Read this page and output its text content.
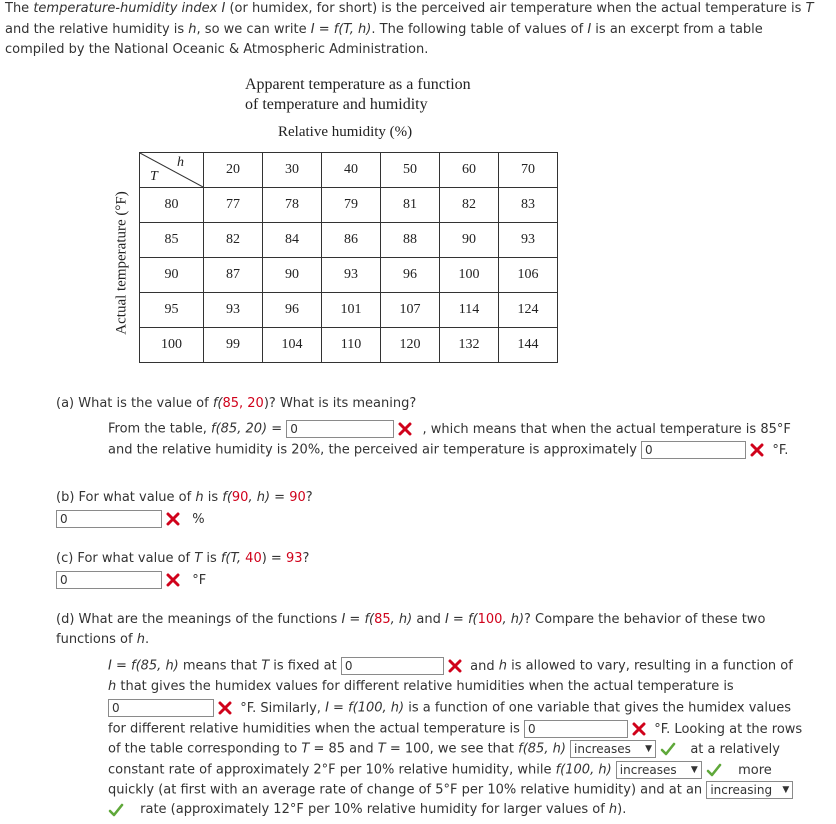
The temperature-humidity index I (or humidex, for short) is the perceived air temperature when the actual temperature is T
and the relative humidity is h, so we can write I = f(T, h). The following table of values of I is an excerpt from a table
compiled by the National Oceanic & Atmospheric Administration.
Apparent temperature as a function
of temperature and humidity
Relative humidity (%)
Actual temperature (°F)
h
T	20	30	40	50	60	70
80	77	78	79	81	82	83
85	82	84	86	88	90	93
90	87	90	93	96	100	106
95	93	96	101	107	114	124
100	99	104	110	120	132	144
(a) What is the value of f(85, 20)? What is its meaning?
From the table, f(85, 20) = 0	, which means that when the actual temperature is 85°F
and the relative humidity is 20%, the perceived air temperature is approximately 0	°F.
(b) For what value of h is f(90, h) = 90?
0	%
(c) For what value of T is f(T, 40) = 93?
0	°F
(d) What are the meanings of the functions I = f(85, h) and I = f(100, h)? Compare the behavior of these two
functions of h.
I = f(85, h) means that T is fixed at 0	and h is allowed to vary, resulting in a function of
h that gives the humidex values for different relative humidities when the actual temperature is
0	°F. Similarly, I = f(100, h) is a function of one variable that gives the humidex values
for different relative humidities when the actual temperature is 0	°F. Looking at the rows
of the table corresponding to T = 85 and T = 100, we see that f(85, h) increases ▼	at a relatively
constant rate of approximately 2°F per 10% relative humidity, while f(100, h) increases ▼	more
quickly (at first with an average rate of change of 5°F per 10% relative humidity) and at an increasing ▼
rate (approximately 12°F per 10% relative humidity for larger values of h).
